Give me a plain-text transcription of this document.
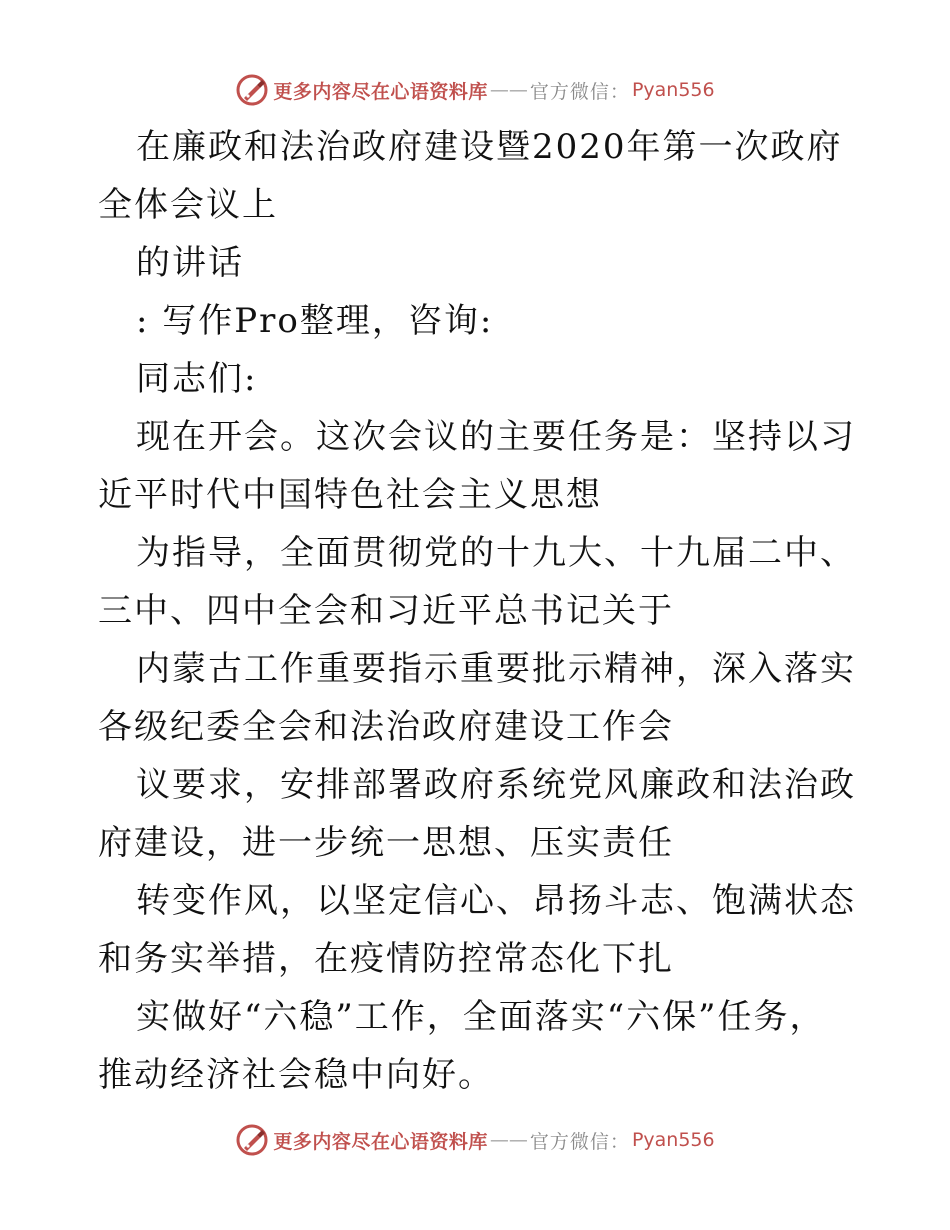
更多内容尽在心语资料库 —— 官方微信： Pyan556

在廉政和法治政府建设暨2020年第一次政府全体会议上

的讲话

: 写作Pro整理，咨询:

同志们:

现在开会。这次会议的主要任务是：坚持以习近平时代中国特色社会主义思想

为指导，全面贯彻党的十九大、十九届二中、三中、四中全会和习近平总书记关于

内蒙古工作重要指示重要批示精神，深入落实各级纪委全会和法治政府建设工作会

议要求，安排部署政府系统党风廉政和法治政府建设，进一步统一思想、压实责任

转变作风，以坚定信心、昂扬斗志、饱满状态和务实举措，在疫情防控常态化下扎

实做好“六稳”工作，全面落实“六保”任务，推动经济社会稳中向好。

更多内容尽在心语资料库 —— 官方微信： Pyan556
